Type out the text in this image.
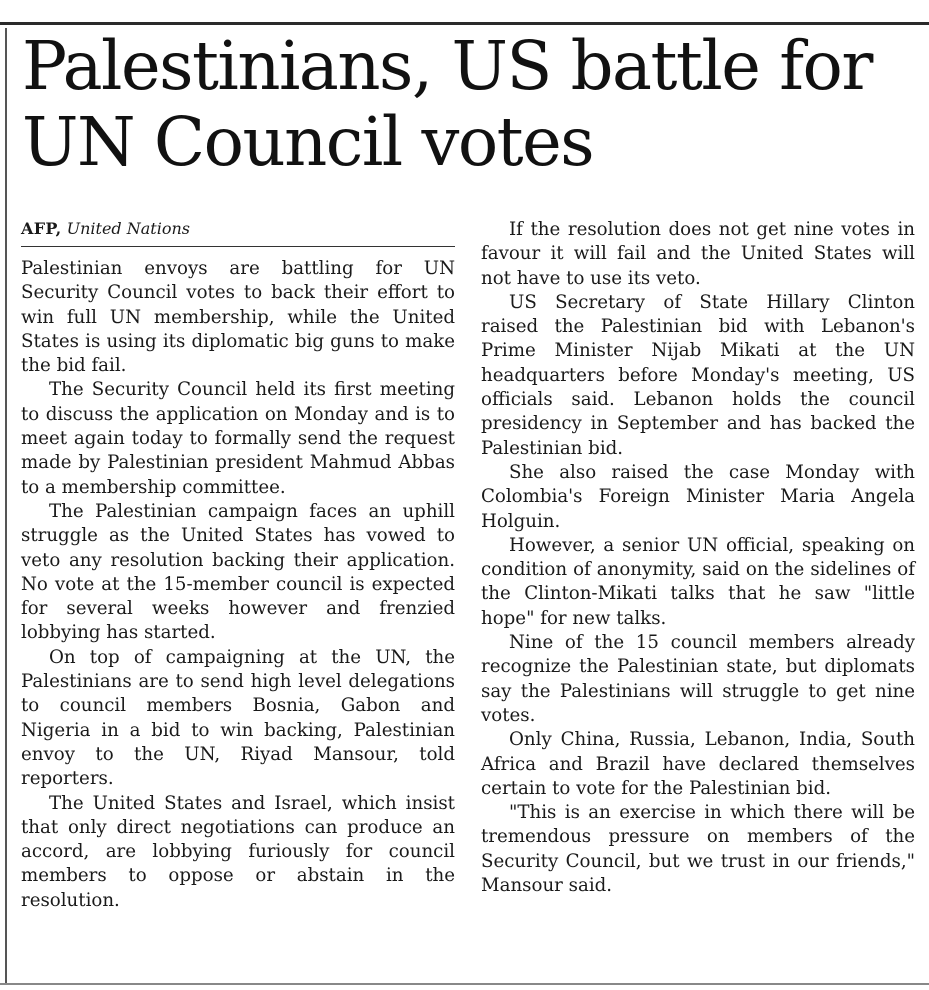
Palestinians, US battle for UN Council votes
AFP, United Nations

Palestinian envoys are battling for UN Security Council votes to back their effort to win full UN membership, while the United States is using its diplomatic big guns to make the bid fail.

The Security Council held its first meeting to discuss the application on Monday and is to meet again today to formally send the request made by Palestinian president Mahmud Abbas to a membership committee.

The Palestinian campaign faces an uphill struggle as the United States has vowed to veto any resolution backing their application. No vote at the 15-member council is expected for several weeks however and frenzied lobbying has started.

On top of campaigning at the UN, the Palestinians are to send high level delegations to council members Bosnia, Gabon and Nigeria in a bid to win backing, Palestinian envoy to the UN, Riyad Mansour, told reporters.

The United States and Israel, which insist that only direct negotiations can produce an accord, are lobbying furiously for council members to oppose or abstain in the resolution.

If the resolution does not get nine votes in favour it will fail and the United States will not have to use its veto.

US Secretary of State Hillary Clinton raised the Palestinian bid with Lebanon's Prime Minister Nijab Mikati at the UN headquarters before Monday's meeting, US officials said. Lebanon holds the council presidency in September and has backed the Palestinian bid.

She also raised the case Monday with Colombia's Foreign Minister Maria Angela Holguin.

However, a senior UN official, speaking on condition of anonymity, said on the sidelines of the Clinton-Mikati talks that he saw "little hope" for new talks.

Nine of the 15 council members already recognize the Palestinian state, but diplomats say the Palestinians will struggle to get nine votes.

Only China, Russia, Lebanon, India, South Africa and Brazil have declared themselves certain to vote for the Palestinian bid.

"This is an exercise in which there will be tremendous pressure on members of the Security Council, but we trust in our friends," Mansour said.
